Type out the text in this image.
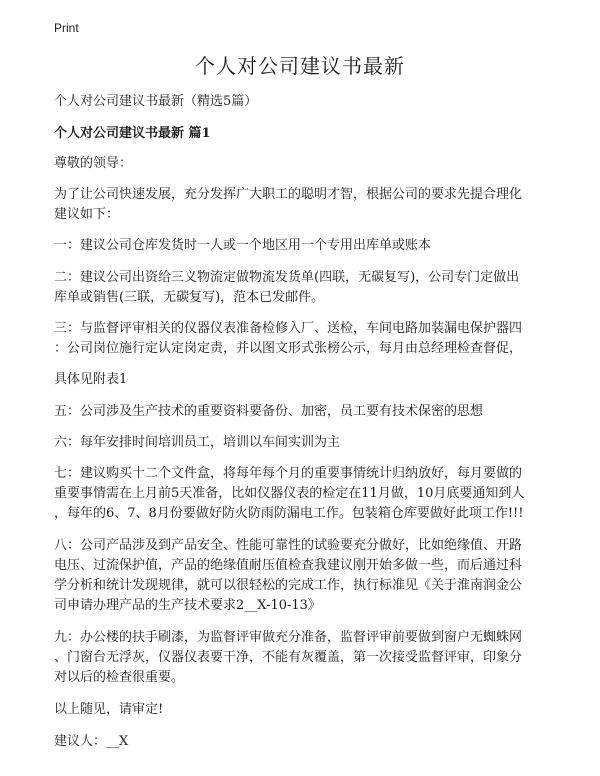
Print
个人对公司建议书最新

个人对公司建议书最新（精选5篇）

个人对公司建议书最新 篇1

尊敬的领导：

为了让公司快速发展，充分发挥广大职工的聪明才智，根据公司的要求先提合理化

建议如下：

一：建议公司仓库发货时一人或一个地区用一个专用出库单或账本

二：建议公司出资给三义物流定做物流发货单(四联，无碳复写)，公司专门定做出

库单或销售(三联，无碳复写)，范本已发邮件。

三：与监督评审相关的仪器仪表准备检修入厂、送检，车间电路加装漏电保护器四

：公司岗位施行定认定岗定责，并以图文形式张榜公示，每月由总经理检查督促，

具体见附表1

五：公司涉及生产技术的重要资料要备份、加密，员工要有技术保密的思想

六：每年安排时间培训员工，培训以车间实训为主

七：建议购买十二个文件盒，将每年每个月的重要事情统计归纳放好，每月要做的

重要事情需在上月前5天准备，比如仪器仪表的检定在11月做，10月底要通知到人

，每年的6、7、8月份要做好防火防雨防漏电工作。包装箱仓库要做好此项工作!!!

八：公司产品涉及到产品安全、性能可靠性的试验要充分做好，比如绝缘值、开路

电压、过流保护值，产品的绝缘值耐压值检查我建议刚开始多做一些，而后通过科

学分析和统计发现规律，就可以很轻松的完成工作，执行标准见《关于淮南润金公

司申请办理产品的生产技术要求2__X-10-13》

九：办公楼的扶手刷漆，为监督评审做充分准备，监督评审前要做到窗户无蜘蛛网

、门窗台无浮灰，仪器仪表要干净，不能有灰覆盖，第一次接受监督评审，印象分

对以后的检查很重要。

以上随见，请审定!

建议人：__X
